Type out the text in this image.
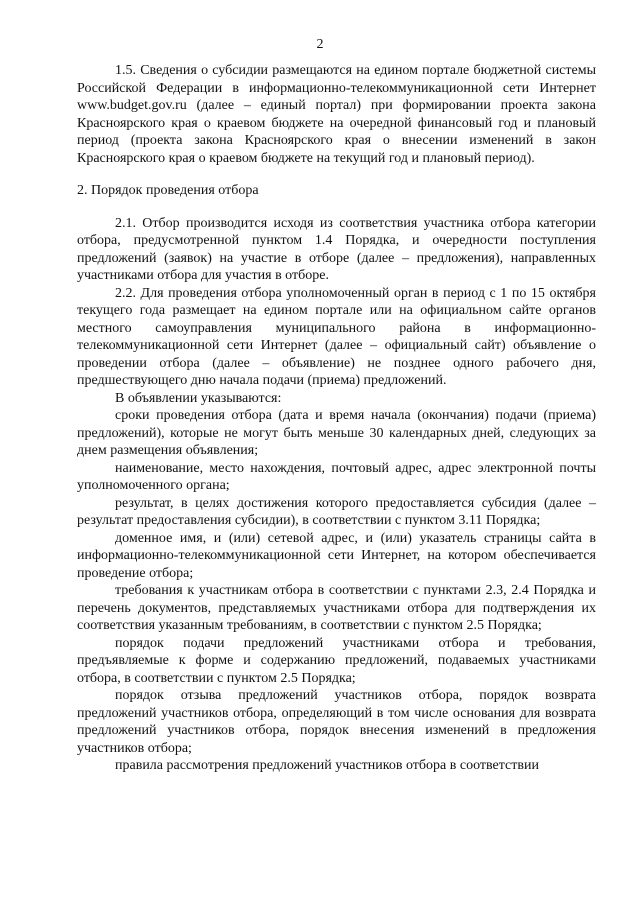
2

1.5. Сведения о субсидии размещаются на едином портале бюджетной системы Российской Федерации в информационно-телекоммуникационной сети Интернет www.budget.gov.ru (далее – единый портал) при формировании проекта закона Красноярского края о краевом бюджете на очередной финансовый год и плановый период (проекта закона Красноярского края о внесении изменений в закон Красноярского края о краевом бюджете на текущий год и плановый период).

2. Порядок проведения отбора

2.1. Отбор производится исходя из соответствия участника отбора категории отбора, предусмотренной пунктом 1.4 Порядка, и очередности поступления предложений (заявок) на участие в отборе (далее – предложения), направленных участниками отбора для участия в отборе.

2.2. Для проведения отбора уполномоченный орган в период с 1 по 15 октября текущего года размещает на едином портале или на официальном сайте органов местного самоуправления муниципального района в информационно-телекоммуникационной сети Интернет (далее – официальный сайт) объявление о проведении отбора (далее – объявление) не позднее одного рабочего дня, предшествующего дню начала подачи (приема) предложений.

В объявлении указываются:

сроки проведения отбора (дата и время начала (окончания) подачи (приема) предложений), которые не могут быть меньше 30 календарных дней, следующих за днем размещения объявления;

наименование, место нахождения, почтовый адрес, адрес электронной почты уполномоченного органа;

результат, в целях достижения которого предоставляется субсидия (далее – результат предоставления субсидии), в соответствии с пунктом 3.11 Порядка;

доменное имя, и (или) сетевой адрес, и (или) указатель страницы сайта в информационно-телекоммуникационной сети Интернет, на котором обеспечивается проведение отбора;

требования к участникам отбора в соответствии с пунктами 2.3, 2.4 Порядка и перечень документов, представляемых участниками отбора для подтверждения их соответствия указанным требованиям, в соответствии с пунктом 2.5 Порядка;

порядок подачи предложений участниками отбора и требования, предъявляемые к форме и содержанию предложений, подаваемых участниками отбора, в соответствии с пунктом 2.5 Порядка;

порядок отзыва предложений участников отбора, порядок возврата предложений участников отбора, определяющий в том числе основания для возврата предложений участников отбора, порядок внесения изменений в предложения участников отбора;

правила рассмотрения предложений участников отбора в соответствии
